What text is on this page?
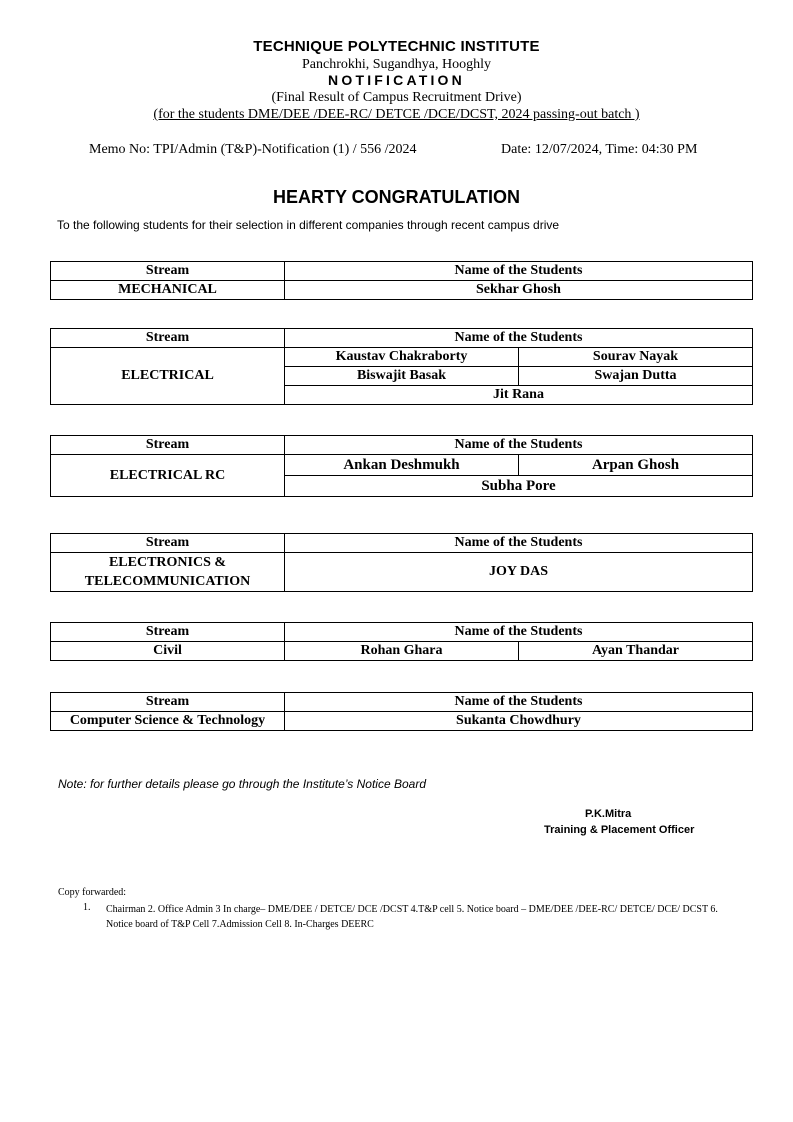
TECHNIQUE POLYTECHNIC INSTITUTE
Panchrokhi, Sugandhya, Hooghly
NOTIFICATION
(Final Result of Campus Recruitment Drive)
(for the students DME/DEE /DEE-RC/ DETCE /DCE/DCST, 2024 passing-out batch )
Memo No: TPI/Admin (T&P)-Notification (1) / 556 /2024	Date: 12/07/2024, Time: 04:30 PM
HEARTY CONGRATULATION
To the following students for their selection in different companies through recent campus drive
Stream	Name of the Students
MECHANICAL	Sekhar Ghosh
Stream	Name of the Students	
ELECTRICAL	Kaustav Chakraborty	Sourav Nayak
	Biswajit Basak	Swajan Dutta
	Jit Rana	
Stream	Name of the Students	
ELECTRICAL RC	Ankan Deshmukh	Arpan Ghosh
	Subha Pore	
Stream	Name of the Students

ELECTRONICS &
TELECOMMUNICATION	JOY DAS
Stream	Name of the Students	
Civil	Rohan Ghara	Ayan Thandar
Stream	Name of the Students
Computer Science & Technology	Sukanta Chowdhury
Note: for further details please go through the Institute’s Notice Board
P.K.Mitra
Training & Placement Officer
Copy forwarded:
1. Chairman 2. Office Admin 3 In charge– DME/DEE / DETCE/ DCE /DCST 4.T&P cell 5. Notice board – DME/DEE /DEE-RC/ DETCE/ DCE/ DCST 6. Notice board of T&P Cell 7.Admission Cell 8. In-Charges DEERC
